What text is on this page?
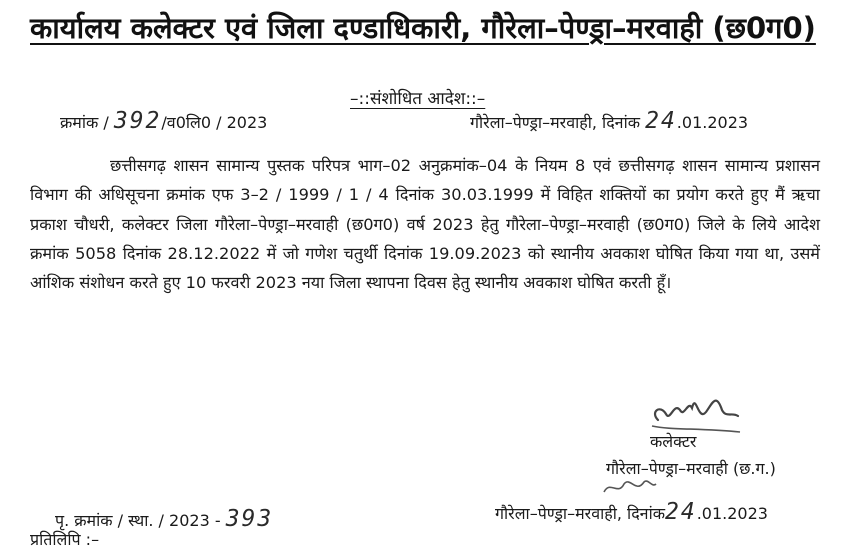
कार्यालय कलेक्टर एवं जिला दण्डाधिकारी, गौरेला–पेण्ड्रा–मरवाही (छ0ग0)
–::संशोधित आदेश::–
क्रमांक / 392/व0लि0 / 2023	गौरेला–पेण्ड्रा–मरवाही, दिनांक 24.01.2023
छत्तीसगढ़ शासन सामान्य पुस्तक परिपत्र भाग–02 अनुक्रमांक–04 के नियम 8 एवं छत्तीसगढ़ शासन सामान्य प्रशासन विभाग की अधिसूचना क्रमांक एफ 3–2 / 1999 / 1 / 4 दिनांक 30.03.1999 में विहित शक्तियों का प्रयोग करते हुए मैं ऋचा प्रकाश चौधरी, कलेक्टर जिला गौरेला–पेण्ड्रा–मरवाही (छ0ग0) वर्ष 2023 हेतु गौरेला–पेण्ड्रा–मरवाही (छ0ग0) जिले के लिये आदेश क्रमांक 5058 दिनांक 28.12.2022 में जो गणेश चतुर्थी दिनांक 19.09.2023 को स्थानीय अवकाश घोषित किया गया था, उसमें आंशिक संशोधन करते हुए 10 फरवरी 2023 नया जिला स्थापना दिवस हेतु स्थानीय अवकाश घोषित करती हूँ।
कलेक्टर
गौरेला–पेण्ड्रा–मरवाही (छ.ग.)
पृ. क्रमांक / स्था. / 2023 - 393	गौरेला–पेण्ड्रा–मरवाही, दिनांक24.01.2023
प्रतिलिपि :–
